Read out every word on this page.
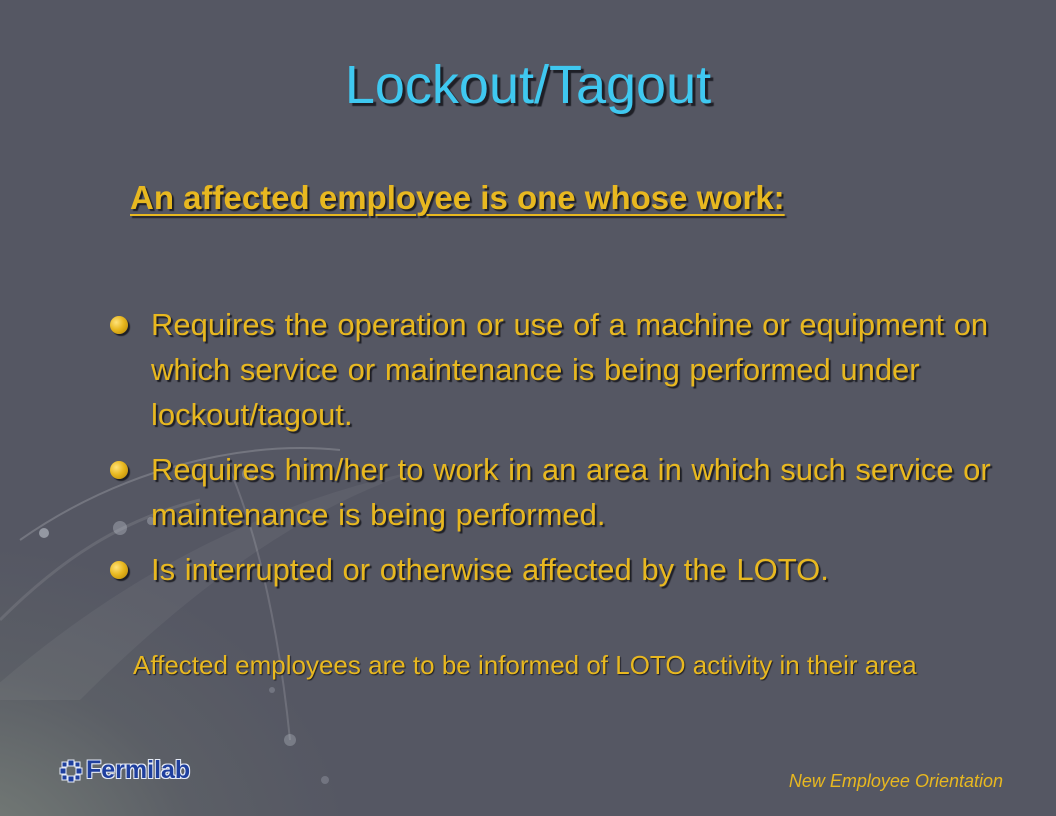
Lockout/Tagout
An affected employee is one whose work:
Requires the operation or use of a machine or equipment on which service or maintenance is being performed under lockout/tagout.
Requires him/her to work in an area in which such service or maintenance is being performed.
Is interrupted or otherwise affected by the LOTO.

Affected employees are to be informed of LOTO activity in their area

Fermilab	New Employee Orientation
